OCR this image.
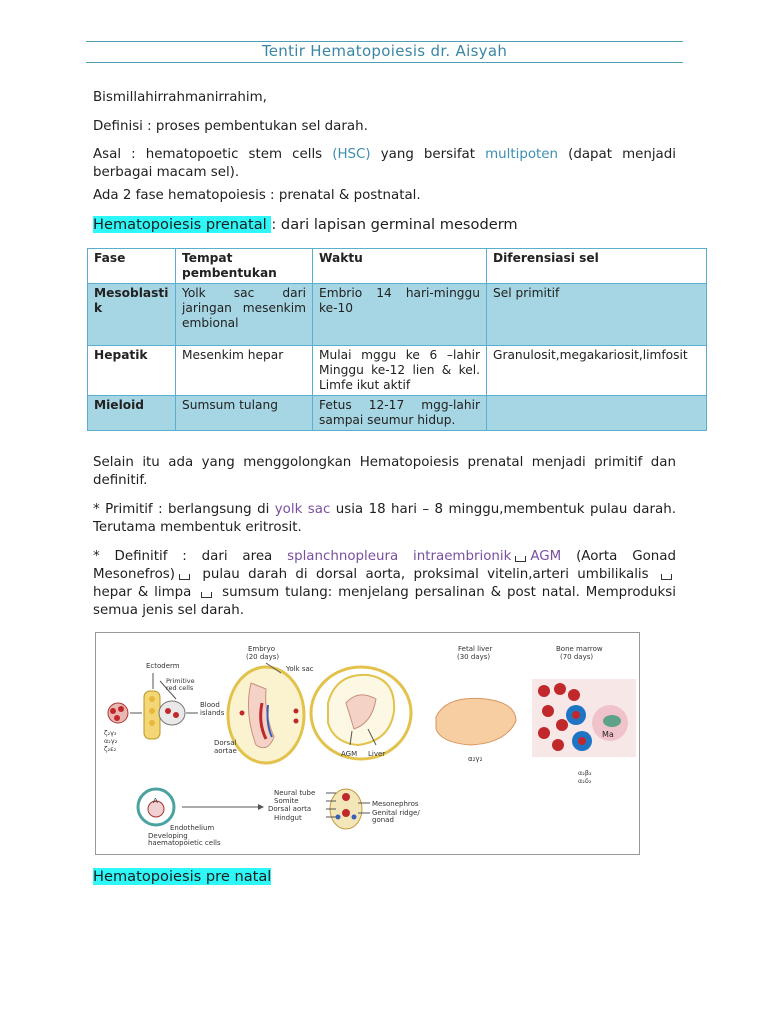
Tentir Hematopoiesis dr. Aisyah
Bismillahirrahmanirrahim,
Definisi : proses pembentukan sel darah.
Asal : hematopoetic stem cells (HSC) yang bersifat multipoten (dapat menjadi berbagai macam sel).
Ada 2 fase hematopoiesis : prenatal & postnatal.
Hematopoiesis prenatal : dari lapisan germinal mesoderm
Fase	Tempat pembentukan	Waktu	Diferensiasi sel
Mesoblastik	Yolk sac dari jaringan mesenkim embional	Embrio 14 hari-minggu ke-10	Sel primitif
Hepatik	Mesenkim hepar	Mulai mggu ke 6 –lahir Minggu ke-12 lien & kel. Limfe ikut aktif	Granulosit,megakariosit,limfosit
Mieloid	Sumsum tulang	Fetus 12-17 mgg-lahir sampai seumur hidup.	
Selain itu ada yang menggolongkan Hematopoiesis prenatal menjadi primitif dan definitif.
* Primitif : berlangsung di yolk sac usia 18 hari – 8 minggu,membentuk pulau darah. Terutama membentuk eritrosit.
* Definitif : dari area splanchnopleura intraembrionik AGM (Aorta Gonad Mesonefros) pulau darah di dorsal aorta, proksimal vitelin,arteri umbilikalis hepar & limpa  sumsum tulang: menjelang persalinan & post natal. Memproduksi semua jenis sel darah.
Ectoderm
Primitive
red cells
Blood
islands
ζ₂γ₂
α₂γ₂
ζ₂ε₂
Embryo
(20 days)
Yolk sac
Dorsal
aortae	AGM Liver
Fetal liver
(30 days)
α₂γ₂
Bone marrow
(70 days)
Ma
α₂β₂
α₂δ₂
A
Endothelium
Developing
haematopoietic cells
Neural tube
Somite
Dorsal aorta
Hindgut
Mesonephros
Genital ridge/
gonad
Hematopoiesis pre natal
